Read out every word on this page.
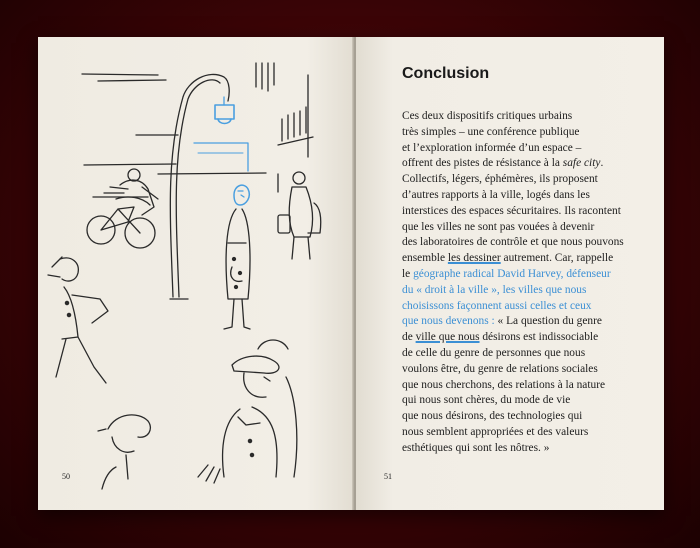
50
Conclusion
Ces deux dispositifs critiques urbains
très simples – une conférence publique
et l’exploration informée d’un espace –
offrent des pistes de résistance à la safe city.
Collectifs, légers, éphémères, ils proposent
d’autres rapports à la ville, logés dans les
interstices des espaces sécuritaires. Ils racontent
que les villes ne sont pas vouées à devenir
des laboratoires de contrôle et que nous pouvons
ensemble les dessiner autrement. Car, rappelle
le géographe radical David Harvey, défenseur
du « droit à la ville », les villes que nous
choisissons façonnent aussi celles et ceux
que nous devenons : « La question du genre
de ville que nous désirons est indissociable
de celle du genre de personnes que nous
voulons être, du genre de relations sociales
que nous cherchons, des relations à la nature
qui nous sont chères, du mode de vie
que nous désirons, des technologies qui
nous semblent appropriées et des valeurs
esthétiques qui sont les nôtres. »
51
